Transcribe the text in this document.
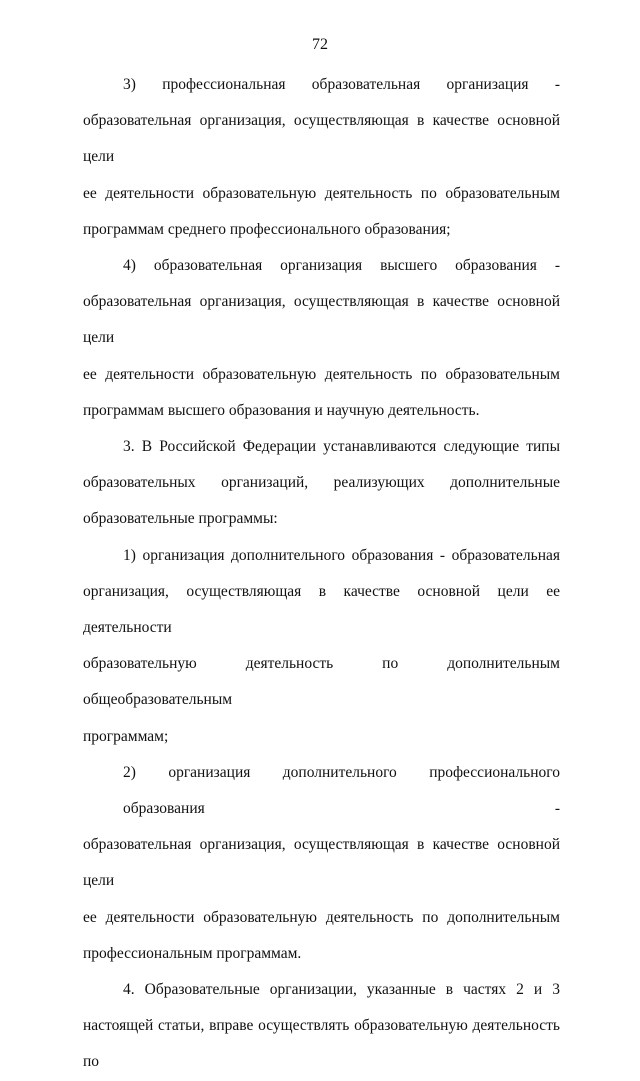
72
3) профессиональная образовательная организация -
образовательная организация, осуществляющая в качестве основной цели
ее деятельности образовательную деятельность по образовательным
программам среднего профессионального образования;
4) образовательная организация высшего образования -
образовательная организация, осуществляющая в качестве основной цели
ее деятельности образовательную деятельность по образовательным
программам высшего образования и научную деятельность.
3. В Российской Федерации устанавливаются следующие типы
образовательных организаций, реализующих дополнительные
образовательные программы:
1) организация дополнительного образования - образовательная
организация, осуществляющая в качестве основной цели ее деятельности
образовательную деятельность по дополнительным общеобразовательным
программам;
2) организация дополнительного профессионального образования -
образовательная организация, осуществляющая в качестве основной цели
ее деятельности образовательную деятельность по дополнительным
профессиональным программам.
4. Образовательные организации, указанные в частях 2 и 3
настоящей статьи, вправе осуществлять образовательную деятельность по
